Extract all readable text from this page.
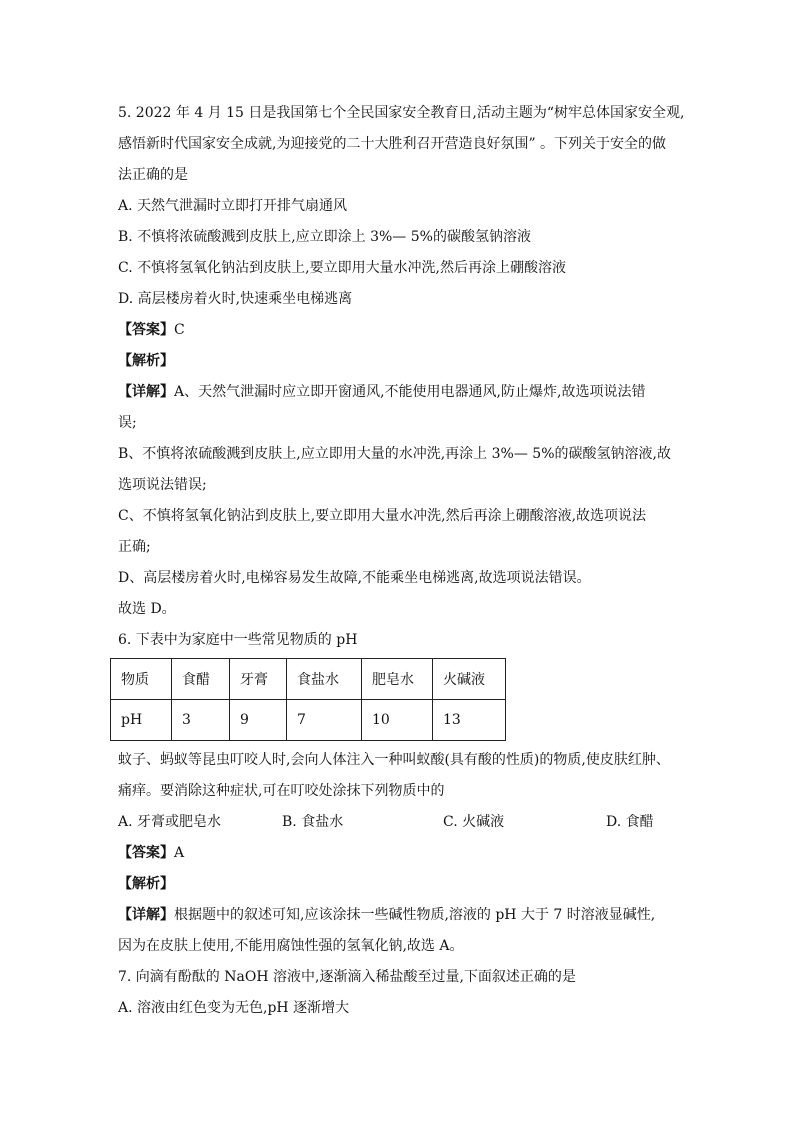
5. 2022 年 4 月 15 日是我国第七个全民国家安全教育日,活动主题为“树牢总体国家安全观,
感悟新时代国家安全成就,为迎接党的二十大胜利召开营造良好氛围” 。下列关于安全的做
法正确的是
A. 天然气泄漏时立即打开排气扇通风
B. 不慎将浓硫酸溅到皮肤上,应立即涂上 3%— 5%的碳酸氢钠溶液
C. 不慎将氢氧化钠沾到皮肤上,要立即用大量水冲洗,然后再涂上硼酸溶液
D. 高层楼房着火时,快速乘坐电梯逃离
【答案】C
【解析】
【详解】A、天然气泄漏时应立即开窗通风,不能使用电器通风,防止爆炸,故选项说法错
误;
B、不慎将浓硫酸溅到皮肤上,应立即用大量的水冲洗,再涂上 3%— 5%的碳酸氢钠溶液,故
选项说法错误;
C、不慎将氢氧化钠沾到皮肤上,要立即用大量水冲洗,然后再涂上硼酸溶液,故选项说法
正确;
D、高层楼房着火时,电梯容易发生故障,不能乘坐电梯逃离,故选项说法错误。
故选 D。
6. 下表中为家庭中一些常见物质的 pH
物质	食醋	牙膏	食盐水	肥皂水	火碱液
pH	3	9	7	10	13
蚊子、蚂蚁等昆虫叮咬人时,会向人体注入一种叫蚁酸(具有酸的性质)的物质,使皮肤红肿、
痛痒。要消除这种症状,可在叮咬处涂抹下列物质中的
A. 牙膏或肥皂水	B. 食盐水	C. 火碱液	D. 食醋
【答案】A
【解析】
【详解】根据题中的叙述可知,应该涂抹一些碱性物质,溶液的 pH 大于 7 时溶液显碱性,
因为在皮肤上使用,不能用腐蚀性强的氢氧化钠,故选 A。
7. 向滴有酚酞的 NaOH 溶液中,逐渐滴入稀盐酸至过量,下面叙述正确的是
A. 溶液由红色变为无色,pH 逐渐增大
